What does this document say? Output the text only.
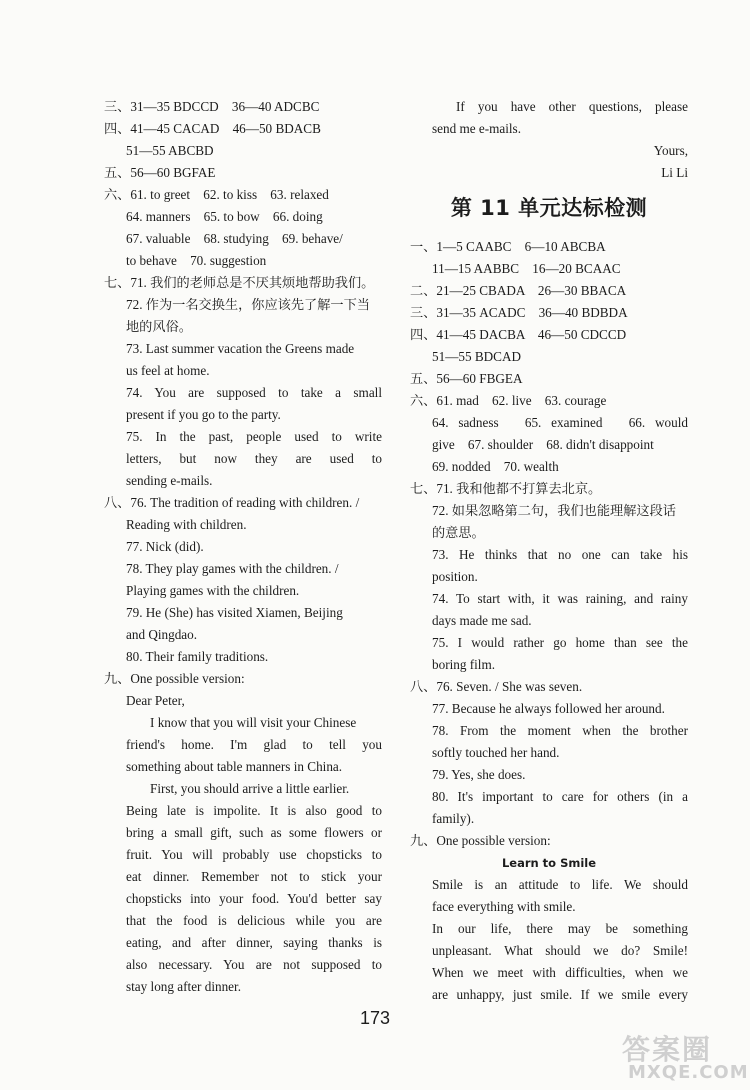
三、31—35 BDCCD　36—40 ADCBC
四、41—45 CACAD　46—50 BDACB
51—55 ABCBD
五、56—60 BGFAE
六、61. to greet　62. to kiss　63. relaxed
64. manners　65. to bow　66. doing
67. valuable　68. studying　69. behave/
to behave　70. suggestion
七、71. 我们的老师总是不厌其烦地帮助我们。
72. 作为一名交换生，你应该先了解一下当
地的风俗。
73. Last summer vacation the Greens made
us feel at home.
74. You are supposed to take a small
present if you go to the party.
75. In the past, people used to write
letters, but now they are used to
sending e-mails.
八、76. The tradition of reading with children. /
Reading with children.
77. Nick (did).
78. They play games with the children. /
Playing games with the children.
79. He (She) has visited Xiamen, Beijing
and Qingdao.
80. Their family traditions.
九、One possible version:
Dear Peter,
I know that you will visit your Chinese
friend's home. I'm glad to tell you
something about table manners in China.
First, you should arrive a little earlier.
Being late is impolite. It is also good to
bring a small gift, such as some flowers or
fruit. You will probably use chopsticks to
eat dinner. Remember not to stick your
chopsticks into your food. You'd better say
that the food is delicious while you are
eating, and after dinner, saying thanks is
also necessary. You are not supposed to
stay long after dinner.
If you have other questions, please
send me e-mails.
Yours,
Li Li
第 11 单元达标检测
一、1—5 CAABC　6—10 ABCBA
11—15 AABBC　16—20 BCAAC
二、21—25 CBADA　26—30 BBACA
三、31—35 ACADC　36—40 BDBDA
四、41—45 DACBA　46—50 CDCCD
51—55 BDCAD
五、56—60 FBGEA
六、61. mad　62. live　63. courage
64. sadness　65. examined　66. would
give　67. shoulder　68. didn't disappoint
69. nodded　70. wealth
七、71. 我和他都不打算去北京。
72. 如果忽略第二句，我们也能理解这段话
的意思。
73. He thinks that no one can take his
position.
74. To start with, it was raining, and rainy
days made me sad.
75. I would rather go home than see the
boring film.
八、76. Seven. / She was seven.
77. Because he always followed her around.
78. From the moment when the brother
softly touched her hand.
79. Yes, she does.
80. It's important to care for others (in a
family).
九、One possible version:
Learn to Smile
Smile is an attitude to life. We should
face everything with smile.
In our life, there may be something
unpleasant. What should we do? Smile!
When we meet with difficulties, when we
are unhappy, just smile. If we smile every
173
答案圈
MXQE.COM
